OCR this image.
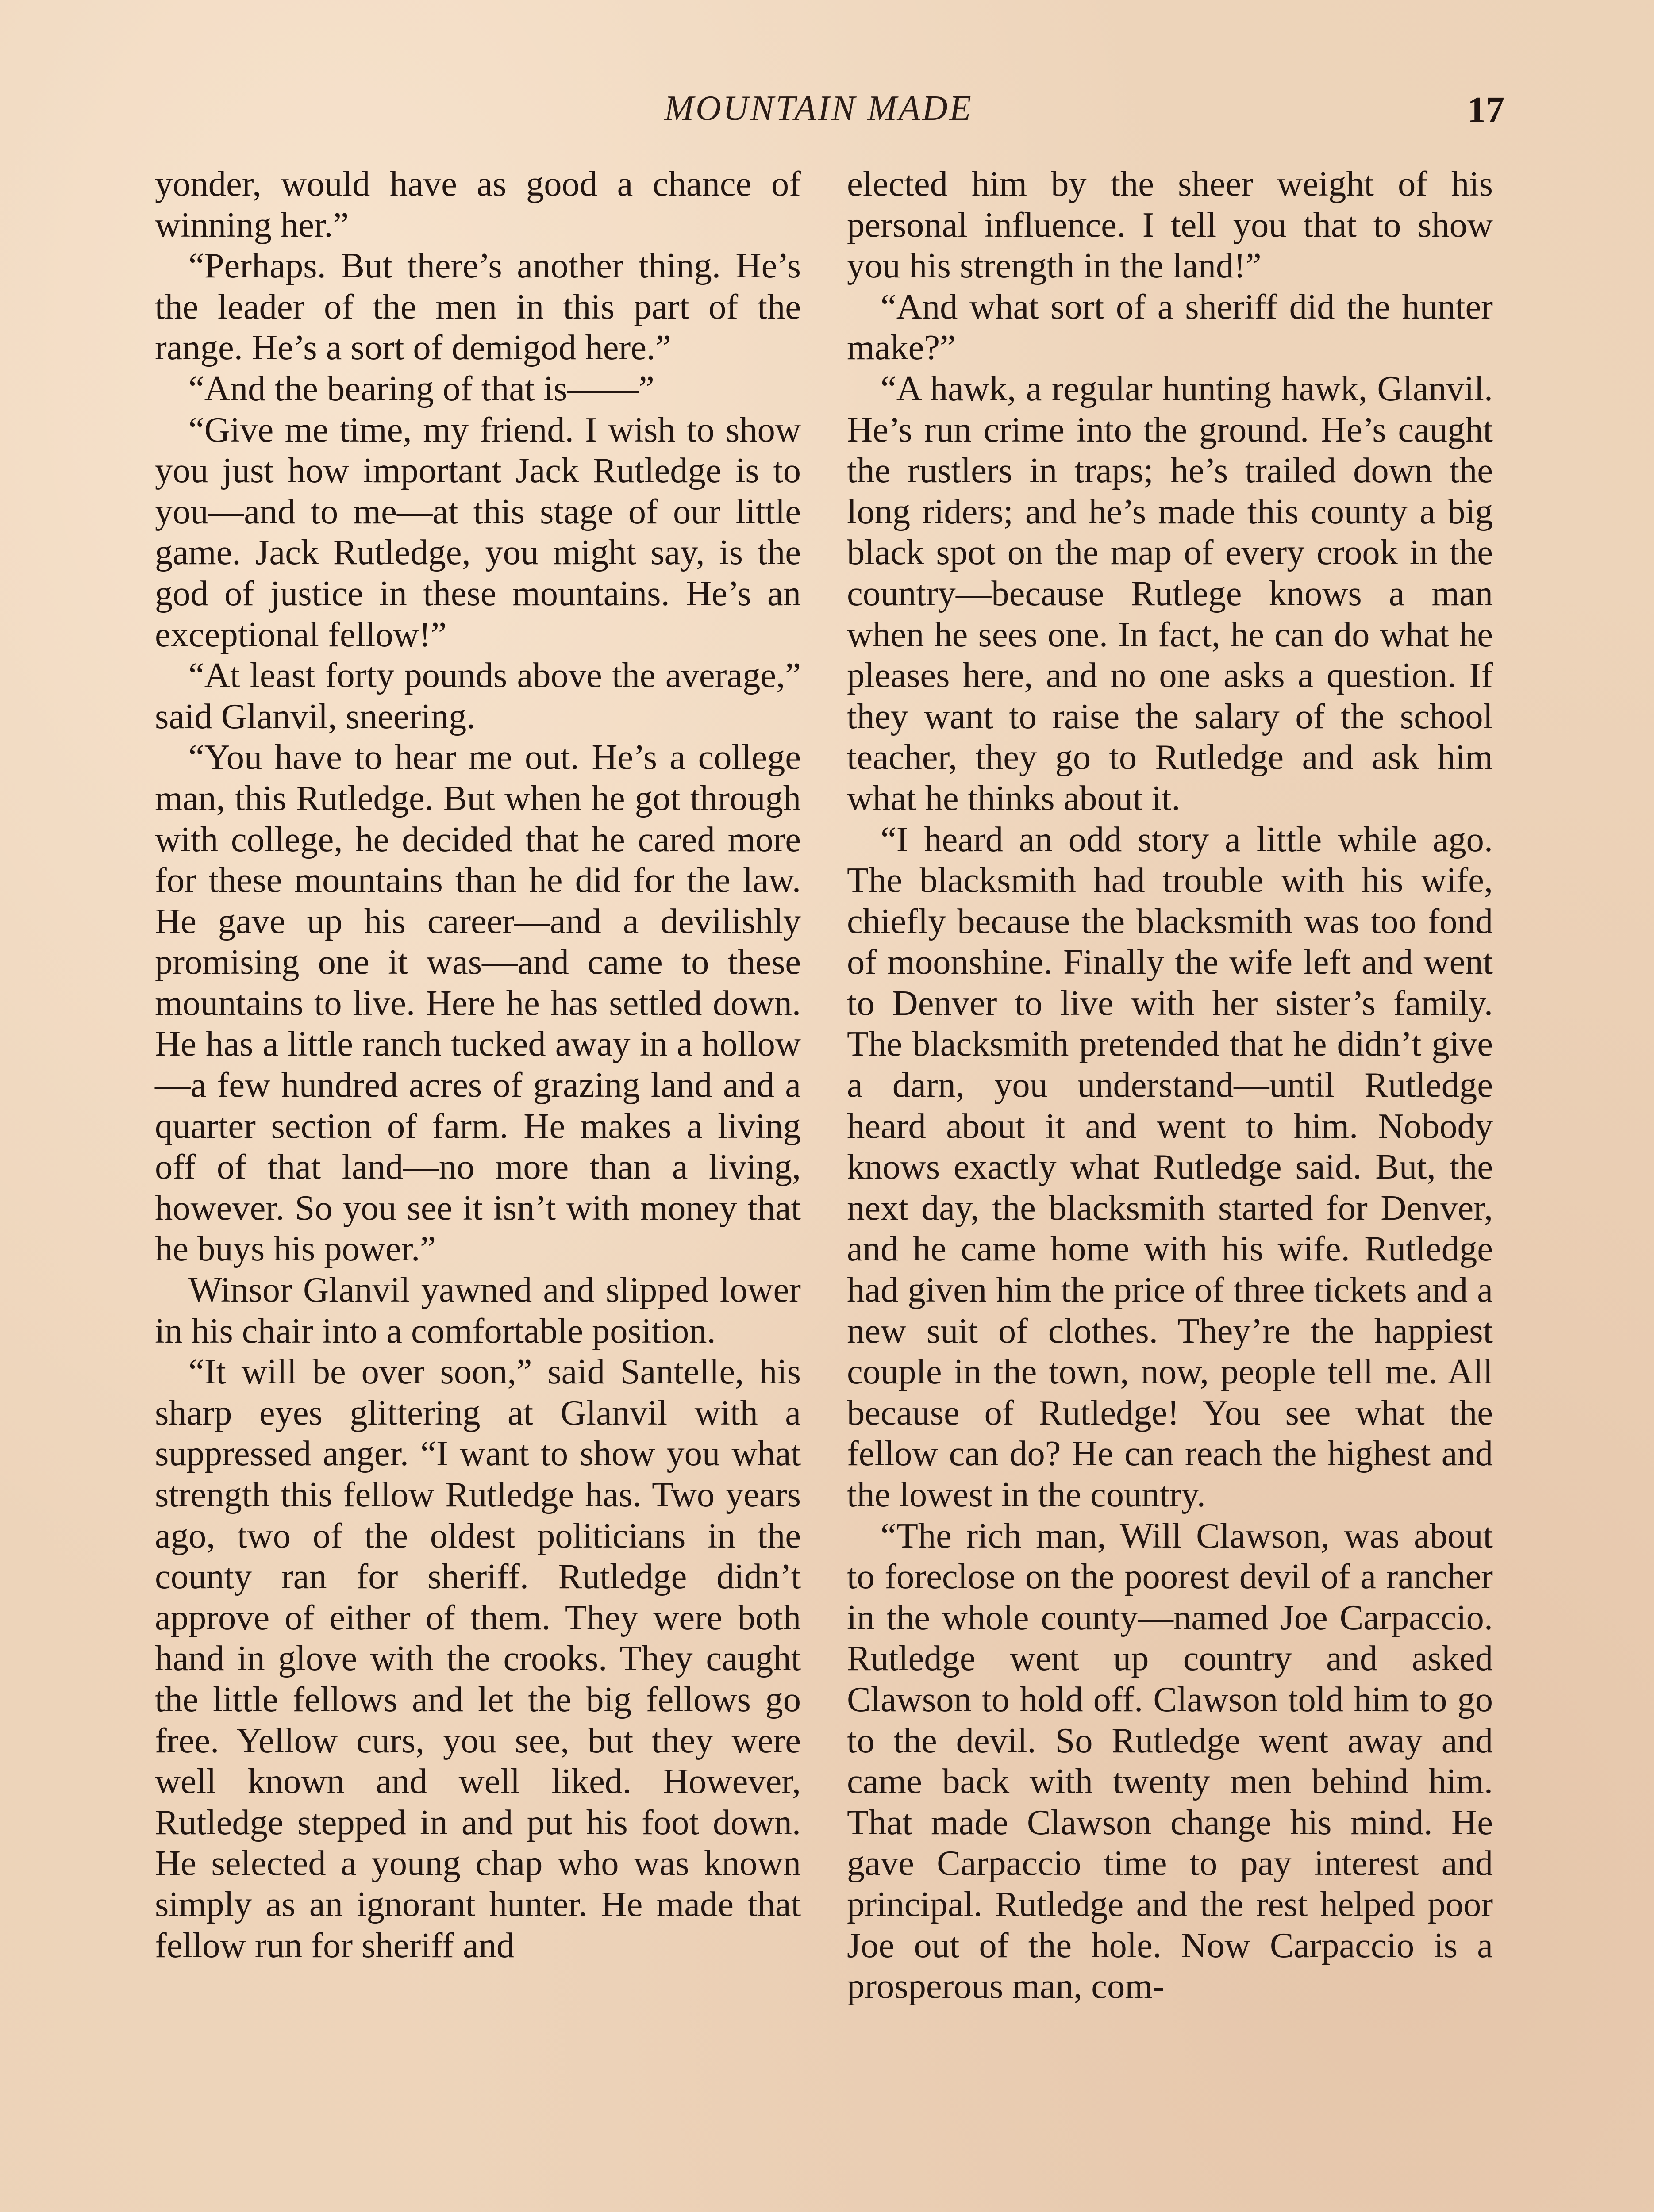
MOUNTAIN MADE	17

yonder, would have as good a chance of winning her.”

“Perhaps. But there’s another thing. He’s the leader of the men in this part of the range. He’s a sort of demigod here.”

“And the bearing of that is——”

“Give me time, my friend. I wish to show you just how important Jack Rutledge is to you—and to me—at this stage of our little game. Jack Rutledge, you might say, is the god of justice in these mountains. He’s an exceptional fellow!”

“At least forty pounds above the average,” said Glanvil, sneering.

“You have to hear me out. He’s a college man, this Rutledge. But when he got through with college, he decided that he cared more for these mountains than he did for the law. He gave up his career—and a devilishly promising one it was—and came to these mountains to live. Here he has settled down. He has a little ranch tucked away in a hollow—a few hundred acres of grazing land and a quarter section of farm. He makes a living off of that land—no more than a living, however. So you see it isn’t with money that he buys his power.”

Winsor Glanvil yawned and slipped lower in his chair into a comfortable position.

“It will be over soon,” said Santelle, his sharp eyes glittering at Glanvil with a suppressed anger. “I want to show you what strength this fellow Rutledge has. Two years ago, two of the oldest politicians in the county ran for sheriff. Rutledge didn’t approve of either of them. They were both hand in glove with the crooks. They caught the little fellows and let the big fellows go free. Yellow curs, you see, but they were well known and well liked. However, Rutledge stepped in and put his foot down. He selected a young chap who was known simply as an ignorant hunter. He made that fellow run for sheriff and

elected him by the sheer weight of his personal influence. I tell you that to show you his strength in the land!”

“And what sort of a sheriff did the hunter make?”

“A hawk, a regular hunting hawk, Glanvil. He’s run crime into the ground. He’s caught the rustlers in traps; he’s trailed down the long riders; and he’s made this county a big black spot on the map of every crook in the country—because Rutlege knows a man when he sees one. In fact, he can do what he pleases here, and no one asks a question. If they want to raise the salary of the school teacher, they go to Rutledge and ask him what he thinks about it.

“I heard an odd story a little while ago. The blacksmith had trouble with his wife, chiefly because the blacksmith was too fond of moonshine. Finally the wife left and went to Denver to live with her sister’s family. The blacksmith pretended that he didn’t give a darn, you understand—until Rutledge heard about it and went to him. Nobody knows exactly what Rutledge said. But, the next day, the blacksmith started for Denver, and he came home with his wife. Rutledge had given him the price of three tickets and a new suit of clothes. They’re the happiest couple in the town, now, people tell me. All because of Rutledge! You see what the fellow can do? He can reach the highest and the lowest in the country.

“The rich man, Will Clawson, was about to foreclose on the poorest devil of a rancher in the whole county—named Joe Carpaccio. Rutledge went up country and asked Clawson to hold off. Clawson told him to go to the devil. So Rutledge went away and came back with twenty men behind him. That made Clawson change his mind. He gave Carpaccio time to pay interest and principal. Rutledge and the rest helped poor Joe out of the hole. Now Carpaccio is a prosperous man, com-
